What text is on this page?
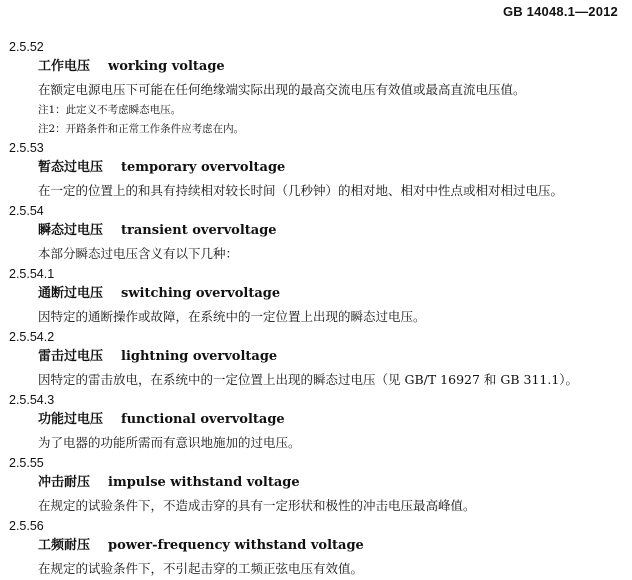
GB 14048.1—2012
2.5.52
工作电压 working voltage
在额定电源电压下可能在任何绝缘端实际出现的最高交流电压有效值或最高直流电压值。
注1：此定义不考虑瞬态电压。
注2：开路条件和正常工作条件应考虑在内。
2.5.53
暂态过电压 temporary overvoltage
在一定的位置上的和具有持续相对较长时间（几秒钟）的相对地、相对中性点或相对相过电压。
2.5.54
瞬态过电压 transient overvoltage
本部分瞬态过电压含义有以下几种：
2.5.54.1
通断过电压 switching overvoltage
因特定的通断操作或故障，在系统中的一定位置上出现的瞬态过电压。
2.5.54.2
雷击过电压 lightning overvoltage
因特定的雷击放电，在系统中的一定位置上出现的瞬态过电压（见 GB/T 16927 和 GB 311.1）。
2.5.54.3
功能过电压 functional overvoltage
为了电器的功能所需而有意识地施加的过电压。
2.5.55
冲击耐压 impulse withstand voltage
在规定的试验条件下，不造成击穿的具有一定形状和极性的冲击电压最高峰值。
2.5.56
工频耐压 power-frequency withstand voltage
在规定的试验条件下，不引起击穿的工频正弦电压有效值。
